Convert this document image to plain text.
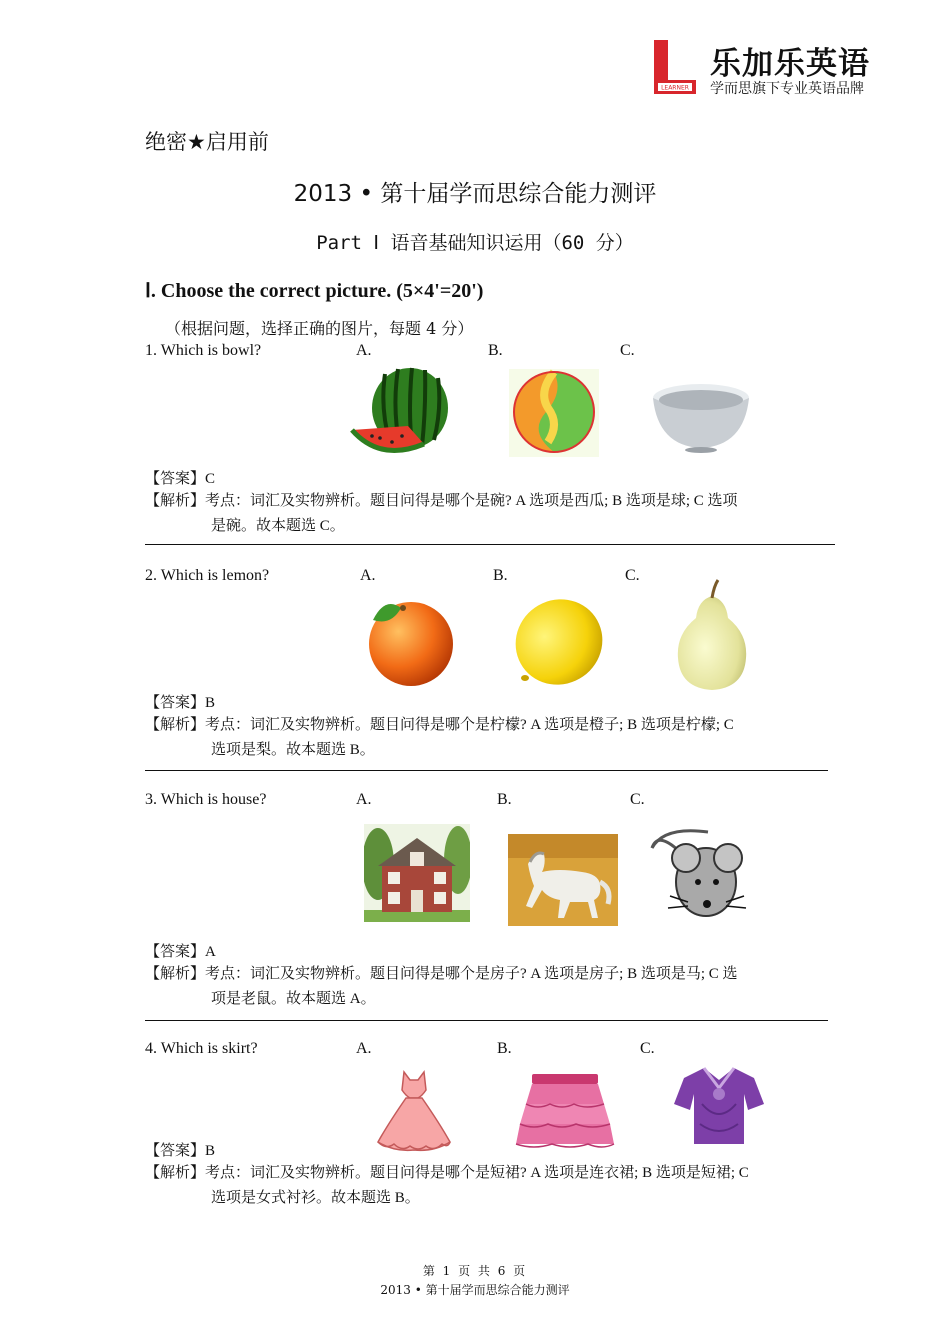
LEARNER
乐加乐英语
学而思旗下专业英语品牌
绝密★启用前
2013 • 第十届学而思综合能力测评
Part Ⅰ 语音基础知识运用（60 分）
Ⅰ. Choose the correct picture. (5×4'=20')
（根据问题，选择正确的图片，每题 4 分）
1. Which is bowl?	A.	B.	C.
【答案】C
【解析】考点：词汇及实物辨析。题目问得是哪个是碗? A 选项是西瓜; B 选项是球; C 选项
是碗。故本题选 C。
2. Which is lemon?	A.	B.	C.
【答案】B
【解析】考点：词汇及实物辨析。题目问得是哪个是柠檬? A 选项是橙子; B 选项是柠檬; C
选项是梨。故本题选 B。
3. Which is house?	A.	B.	C.
【答案】A
【解析】考点：词汇及实物辨析。题目问得是哪个是房子? A 选项是房子; B 选项是马; C 选
项是老鼠。故本题选 A。
4. Which is skirt?	A.	B.	C.
【答案】B
【解析】考点：词汇及实物辨析。题目问得是哪个是短裙? A 选项是连衣裙; B 选项是短裙; C
选项是女式衬衫。故本题选 B。
第 1 页 共 6 页
2013 • 第十届学而思综合能力测评
